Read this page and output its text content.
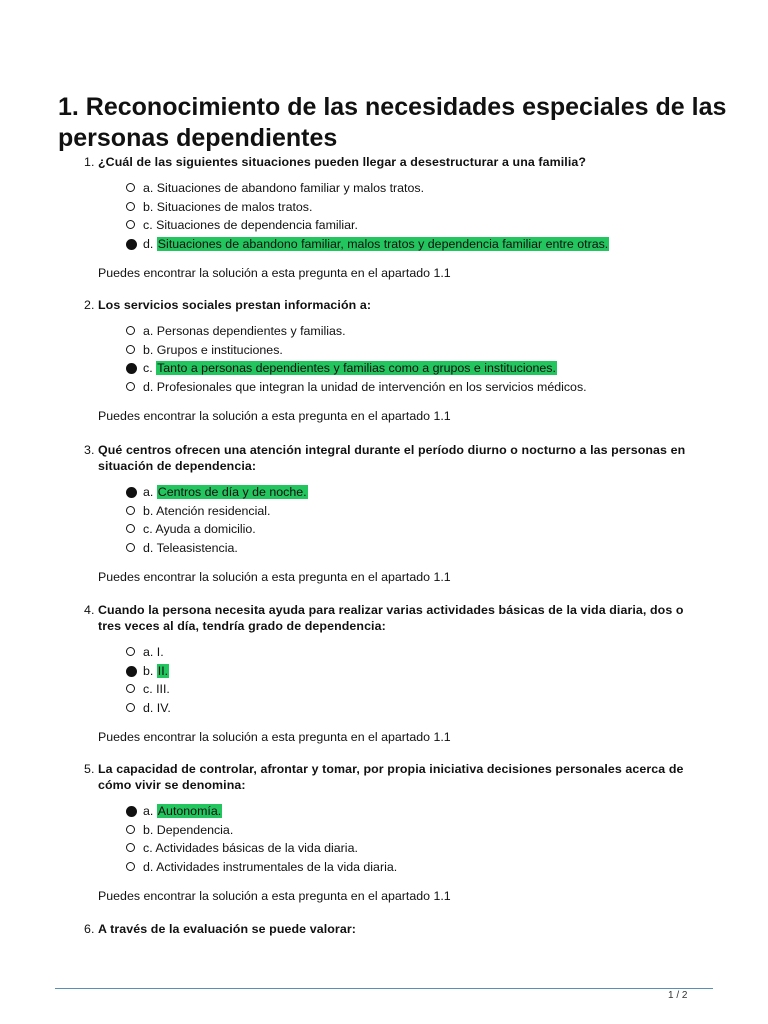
1. Reconocimiento de las necesidades especiales de las personas dependientes
1. ¿Cuál de las siguientes situaciones pueden llegar a desestructurar a una familia?
a. Situaciones de abandono familiar y malos tratos.
b. Situaciones de malos tratos.
c. Situaciones de dependencia familiar.
d. Situaciones de abandono familiar, malos tratos y dependencia familiar entre otras.
Puedes encontrar la solución a esta pregunta en el apartado 1.1
2. Los servicios sociales prestan información a:
a. Personas dependientes y familias.
b. Grupos e instituciones.
c. Tanto a personas dependientes y familias como a grupos e instituciones.
d. Profesionales que integran la unidad de intervención en los servicios médicos.
Puedes encontrar la solución a esta pregunta en el apartado 1.1
3. Qué centros ofrecen una atención integral durante el período diurno o nocturno a las personas en situación de dependencia:
a. Centros de día y de noche.
b. Atención residencial.
c. Ayuda a domicilio.
d. Teleasistencia.
Puedes encontrar la solución a esta pregunta en el apartado 1.1
4. Cuando la persona necesita ayuda para realizar varias actividades básicas de la vida diaria, dos o tres veces al día, tendría grado de dependencia:
a. I.
b. II.
c. III.
d. IV.
Puedes encontrar la solución a esta pregunta en el apartado 1.1
5. La capacidad de controlar, afrontar y tomar, por propia iniciativa decisiones personales acerca de cómo vivir se denomina:
a. Autonomía.
b. Dependencia.
c. Actividades básicas de la vida diaria.
d. Actividades instrumentales de la vida diaria.
Puedes encontrar la solución a esta pregunta en el apartado 1.1
6. A través de la evaluación se puede valorar:
1 / 2
